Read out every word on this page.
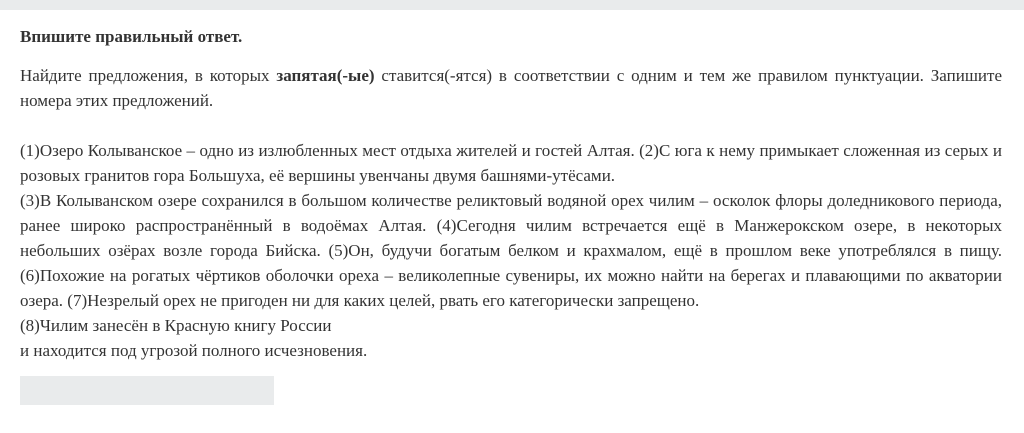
Впишите правильный ответ.

Найдите предложения, в которых запятая(-ые) ставится(-ятся) в соответствии с одним и тем же правилом пунктуации. Запишите номера этих предложений.

(1)Озеро Колыванское – одно из излюбленных мест отдыха жителей и гостей Алтая. (2)С юга к нему примыкает сложенная из серых и розовых гранитов гора Большуха, её вершины увенчаны двумя башнями-утёсами.

(3)В Колыванском озере сохранился в большом количестве реликтовый водяной орех чилим – осколок флоры доледникового периода, ранее широко распространённый в водоёмах Алтая. (4)Сегодня чилим встречается ещё в Манжерокском озере, в некоторых небольших озёрах возле города Бийска. (5)Он, будучи богатым белком и крахмалом, ещё в прошлом веке употреблялся в пищу. (6)Похожие на рогатых чёртиков оболочки ореха – великолепные сувениры, их можно найти на берегах и плавающими по акватории озера. (7)Незрелый орех не пригоден ни для каких целей, рвать его категорически запрещено.

(8)Чилим занесён в Красную книгу России

и находится под угрозой полного исчезновения.
